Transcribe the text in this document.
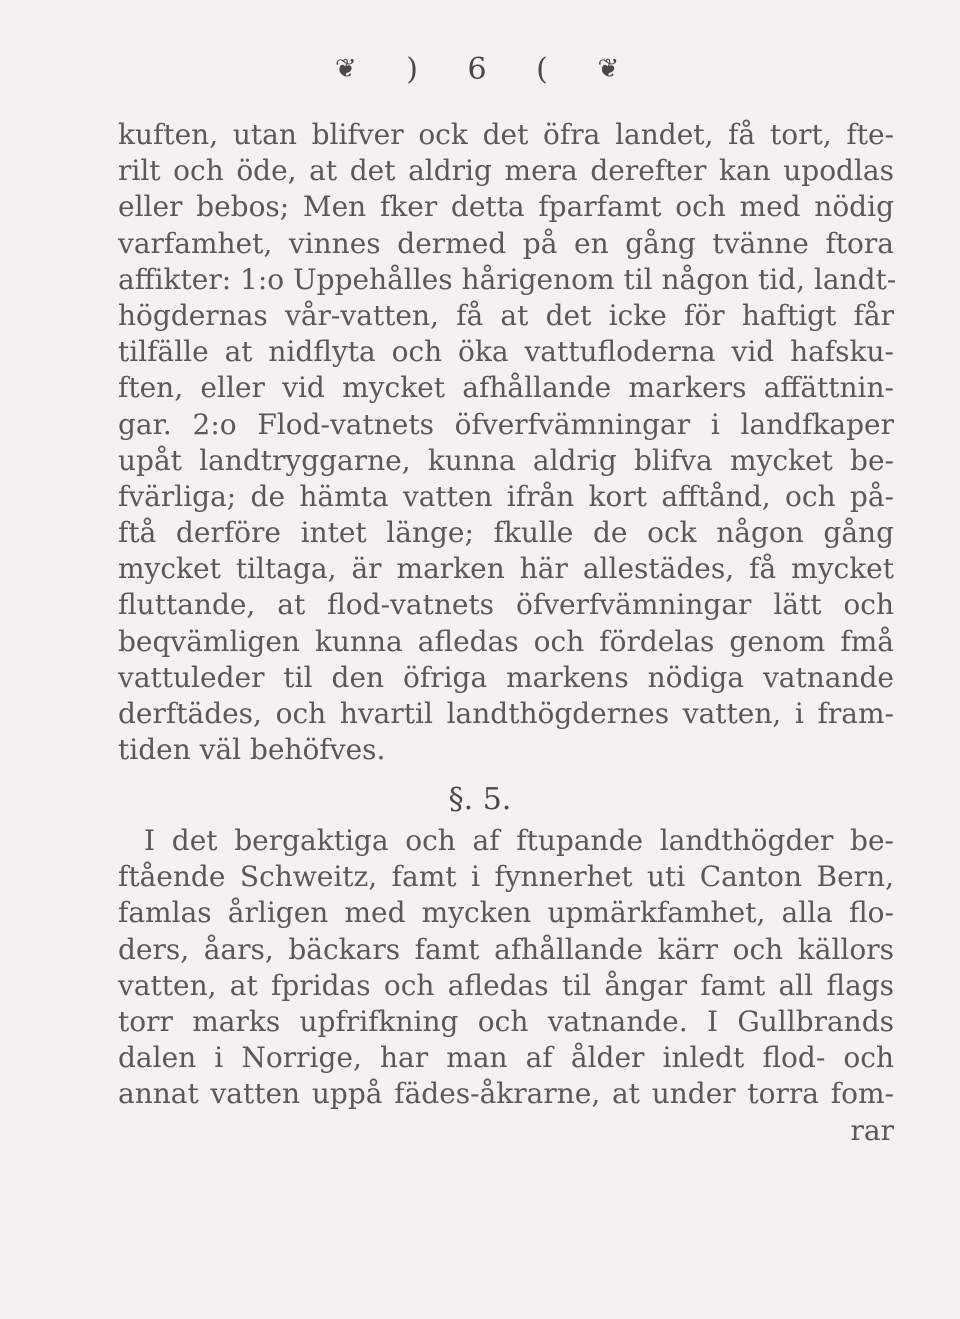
❦ ) 6 ( ❦
kuften, utan blifver ock det öfra landet, få tort, fte-
rilt och öde, at det aldrig mera derefter kan upodlas
eller bebos; Men fker detta fparfamt och med nödig
varfamhet, vinnes dermed på en gång tvänne ftora
affikter: 1:o Uppehålles hårigenom til någon tid, landt-
högdernas vår-vatten, få at det icke för haftigt får
tilfälle at nidflyta och öka vattufloderna vid hafsku-
ften, eller vid mycket afhållande markers affättnin-
gar. 2:o Flod-vatnets öfverfvämningar i landfkaper
upåt landtryggarne, kunna aldrig blifva mycket be-
fvärliga; de hämta vatten ifrån kort afftånd, och på-
ftå derföre intet länge; fkulle de ock någon gång
mycket tiltaga, är marken här allestädes, få mycket
fluttande, at flod-vatnets öfverfvämningar lätt och
beqvämligen kunna afledas och fördelas genom fmå
vattuleder til den öfriga markens nödiga vatnande
derftädes, och hvartil landthögdernes vatten, i fram-
tiden väl behöfves.
§. 5.
I det bergaktiga och af ftupande landthögder be-
ftående Schweitz, famt i fynnerhet uti Canton Bern,
famlas årligen med mycken upmärkfamhet, alla flo-
ders, åars, bäckars famt afhållande kärr och källors
vatten, at fpridas och afledas til ångar famt all flags
torr marks upfrifkning och vatnande. I Gullbrands
dalen i Norrige, har man af ålder inledt flod- och
annat vatten uppå fädes-åkrarne, at under torra fom-
rar
